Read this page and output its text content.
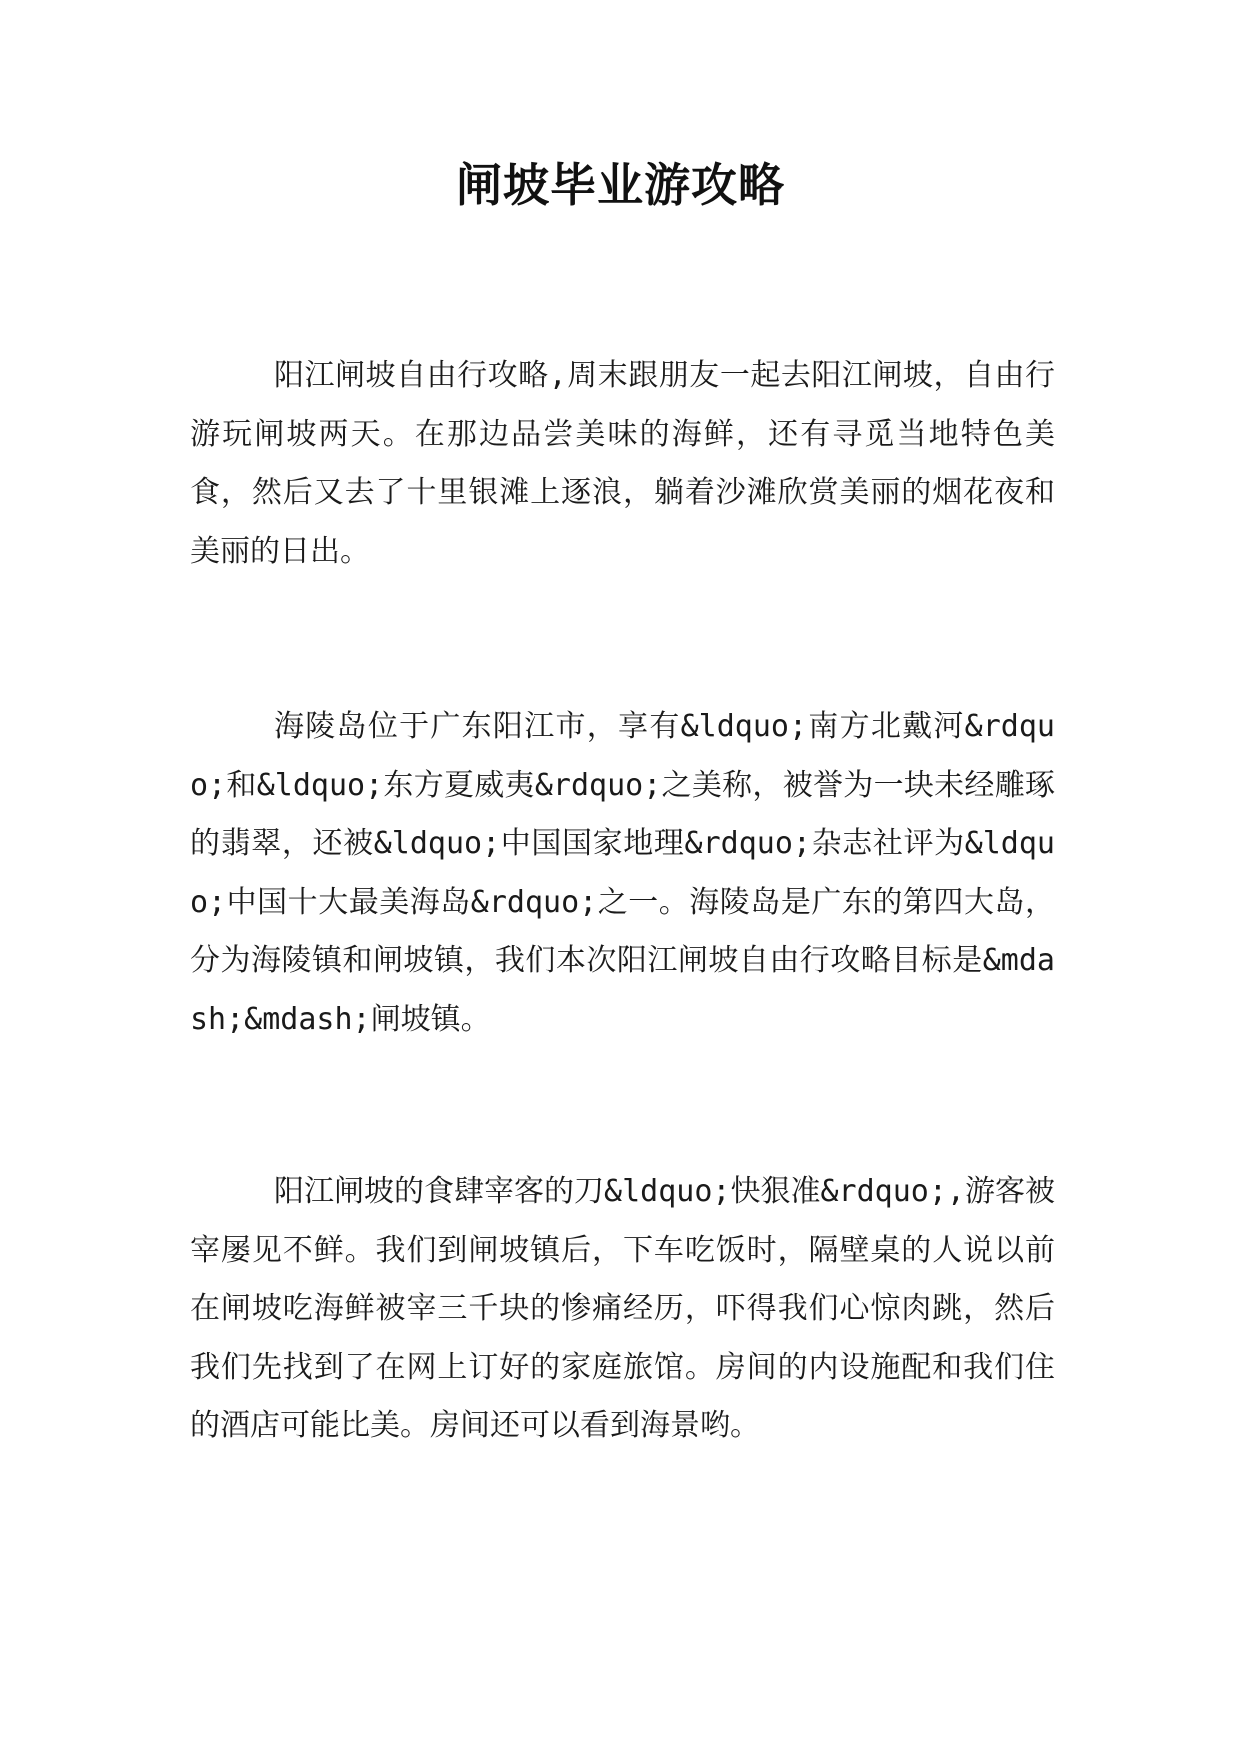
闸坡毕业游攻略

阳江闸坡自由行攻略,周末跟朋友一起去阳江闸坡，自由行游玩闸坡两天。在那边品尝美味的海鲜，还有寻觅当地特色美食，然后又去了十里银滩上逐浪，躺着沙滩欣赏美丽的烟花夜和美丽的日出。

海陵岛位于广东阳江市，享有&ldquo;南方北戴河&rdquo;和&ldquo;东方夏威夷&rdquo;之美称，被誉为一块未经雕琢的翡翠，还被&ldquo;中国国家地理&rdquo;杂志社评为&ldquo;中国十大最美海岛&rdquo;之一。海陵岛是广东的第四大岛，分为海陵镇和闸坡镇，我们本次阳江闸坡自由行攻略目标是&mdash;&mdash;闸坡镇。

阳江闸坡的食肆宰客的刀&ldquo;快狠准&rdquo;,游客被宰屡见不鲜。我们到闸坡镇后，下车吃饭时，隔壁桌的人说以前在闸坡吃海鲜被宰三千块的惨痛经历，吓得我们心惊肉跳，然后我们先找到了在网上订好的家庭旅馆。房间的内设施配和我们住的酒店可能比美。房间还可以看到海景哟。
